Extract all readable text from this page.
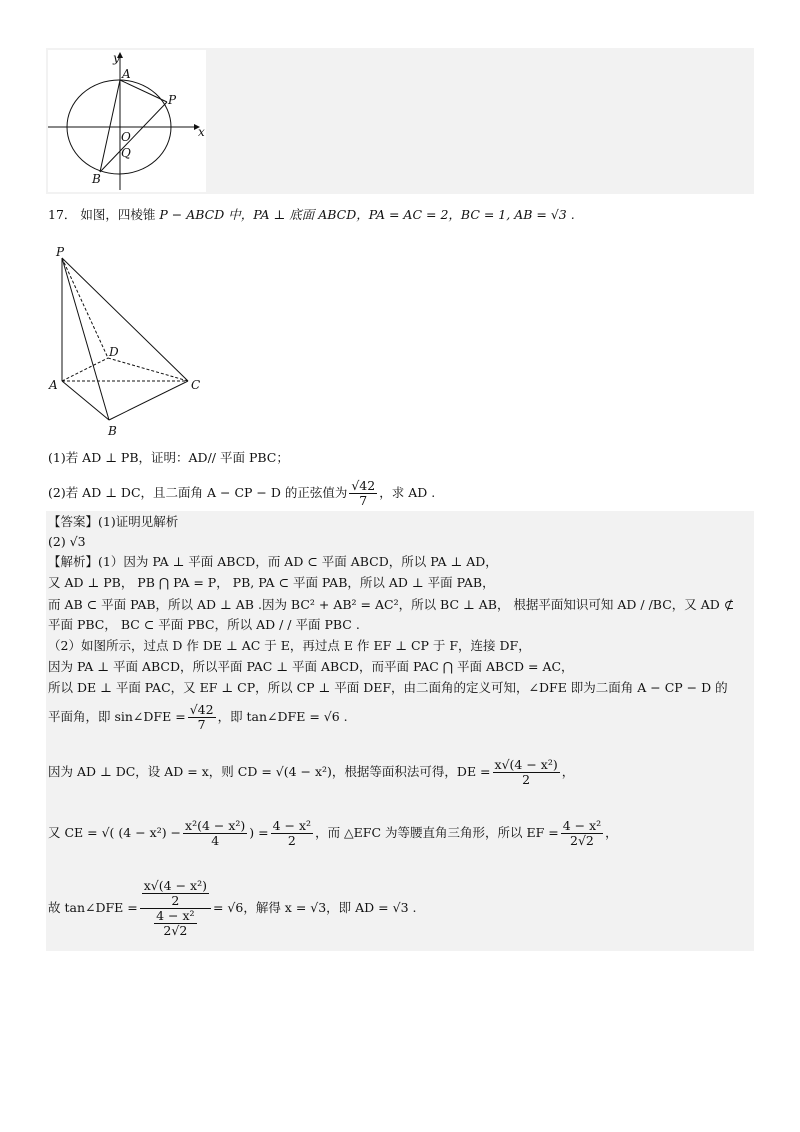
y
x
A
P
O
Q
B
17． 如图，四棱锥 P − ABCD 中，PA ⊥ 底面 ABCD，PA = AC = 2，BC = 1, AB = √3 .
P
D
A	C
B
(1)若 AD ⊥ PB，证明：AD// 平面 PBC；
(2)若 AD ⊥ DC，且二面角 A − CP − D 的正弦值为 $\frac{√42}{7}$ ，求 AD .
【答案】(1)证明见解析
(2) √3
【解析】(1）因为 PA ⊥ 平面 ABCD，而 AD ⊂ 平面 ABCD，所以 PA ⊥ AD，
又 AD ⊥ PB， PB ⋂ PA = P， PB, PA ⊂ 平面 PAB，所以 AD ⊥ 平面 PAB，
而 AB ⊂ 平面 PAB，所以 AD ⊥ AB .因为 BC² + AB² = AC²，所以 BC ⊥ AB， 根据平面知识可知 AD / /BC，又 AD ⊄
平面 PBC， BC ⊂ 平面 PBC，所以 AD / / 平面 PBC .
（2）如图所示，过点 D 作 DE ⊥ AC 于 E，再过点 E 作 EF ⊥ CP 于 F，连接 DF，
因为 PA ⊥ 平面 ABCD，所以平面 PAC ⊥ 平面 ABCD，而平面 PAC ⋂ 平面 ABCD = AC，
所以 DE ⊥ 平面 PAC，又 EF ⊥ CP，所以 CP ⊥ 平面 DEF，由二面角的定义可知，∠DFE 即为二面角 A − CP − D 的
平面角，即 sin∠DFE = $\frac{√42}{7}$ ，即 tan∠DFE = √6 .
因为 AD ⊥ DC，设 AD = x，则 CD = √(4 − x²)，根据等面积法可得，DE = $\frac{\text{x√(4 − x²)}}{2}$ ，
又 CE = √( $(4 - x^2) - \frac{\text{x²(4 − x²)}}{4}$ ) = $\frac{\text{4 − x²}}{2}$ ，而 △EFC 为等腰直角三角形，所以 EF = $\frac{\text{4 − x²}}{2√2}$ ，
故 tan∠DFE = $\frac{\frac{\text{x√(4 − x²)}}{2}}{\frac{\text{4 − x²}}{2√2}} = √6$，解得 x = √3，即 AD = √3 .
